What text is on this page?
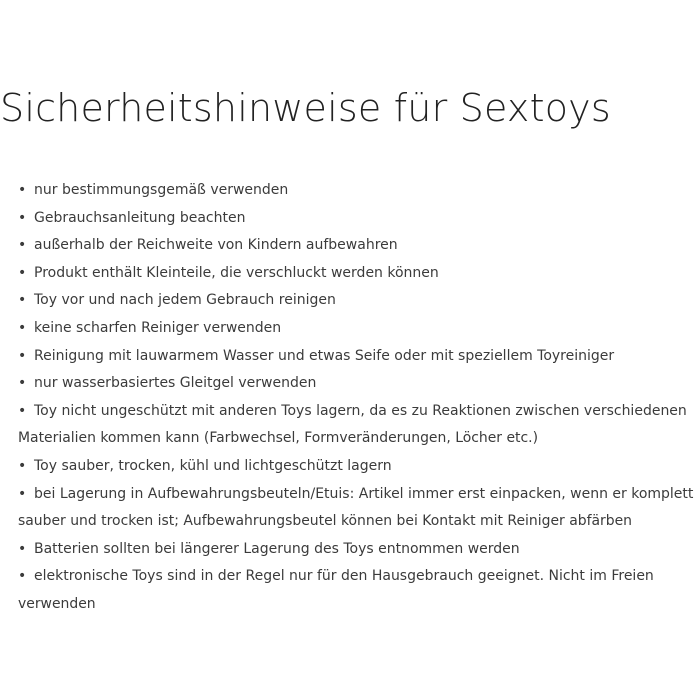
Sicherheitshinweise für Sextoys
• nur bestimmungsgemäß verwenden
• Gebrauchsanleitung beachten
• außerhalb der Reichweite von Kindern aufbewahren
• Produkt enthält Kleinteile, die verschluckt werden können
• Toy vor und nach jedem Gebrauch reinigen
• keine scharfen Reiniger verwenden
• Reinigung mit lauwarmem Wasser und etwas Seife oder mit speziellem Toyreiniger
• nur wasserbasiertes Gleitgel verwenden
• Toy nicht ungeschützt mit anderen Toys lagern, da es zu Reaktionen zwischen verschiedenen
Materialien kommen kann (Farbwechsel, Formveränderungen, Löcher etc.)
• Toy sauber, trocken, kühl und lichtgeschützt lagern
• bei Lagerung in Aufbewahrungsbeuteln/Etuis: Artikel immer erst einpacken, wenn er komplett
sauber und trocken ist; Aufbewahrungsbeutel können bei Kontakt mit Reiniger abfärben
• Batterien sollten bei längerer Lagerung des Toys entnommen werden
• elektronische Toys sind in der Regel nur für den Hausgebrauch geeignet. Nicht im Freien
verwenden
